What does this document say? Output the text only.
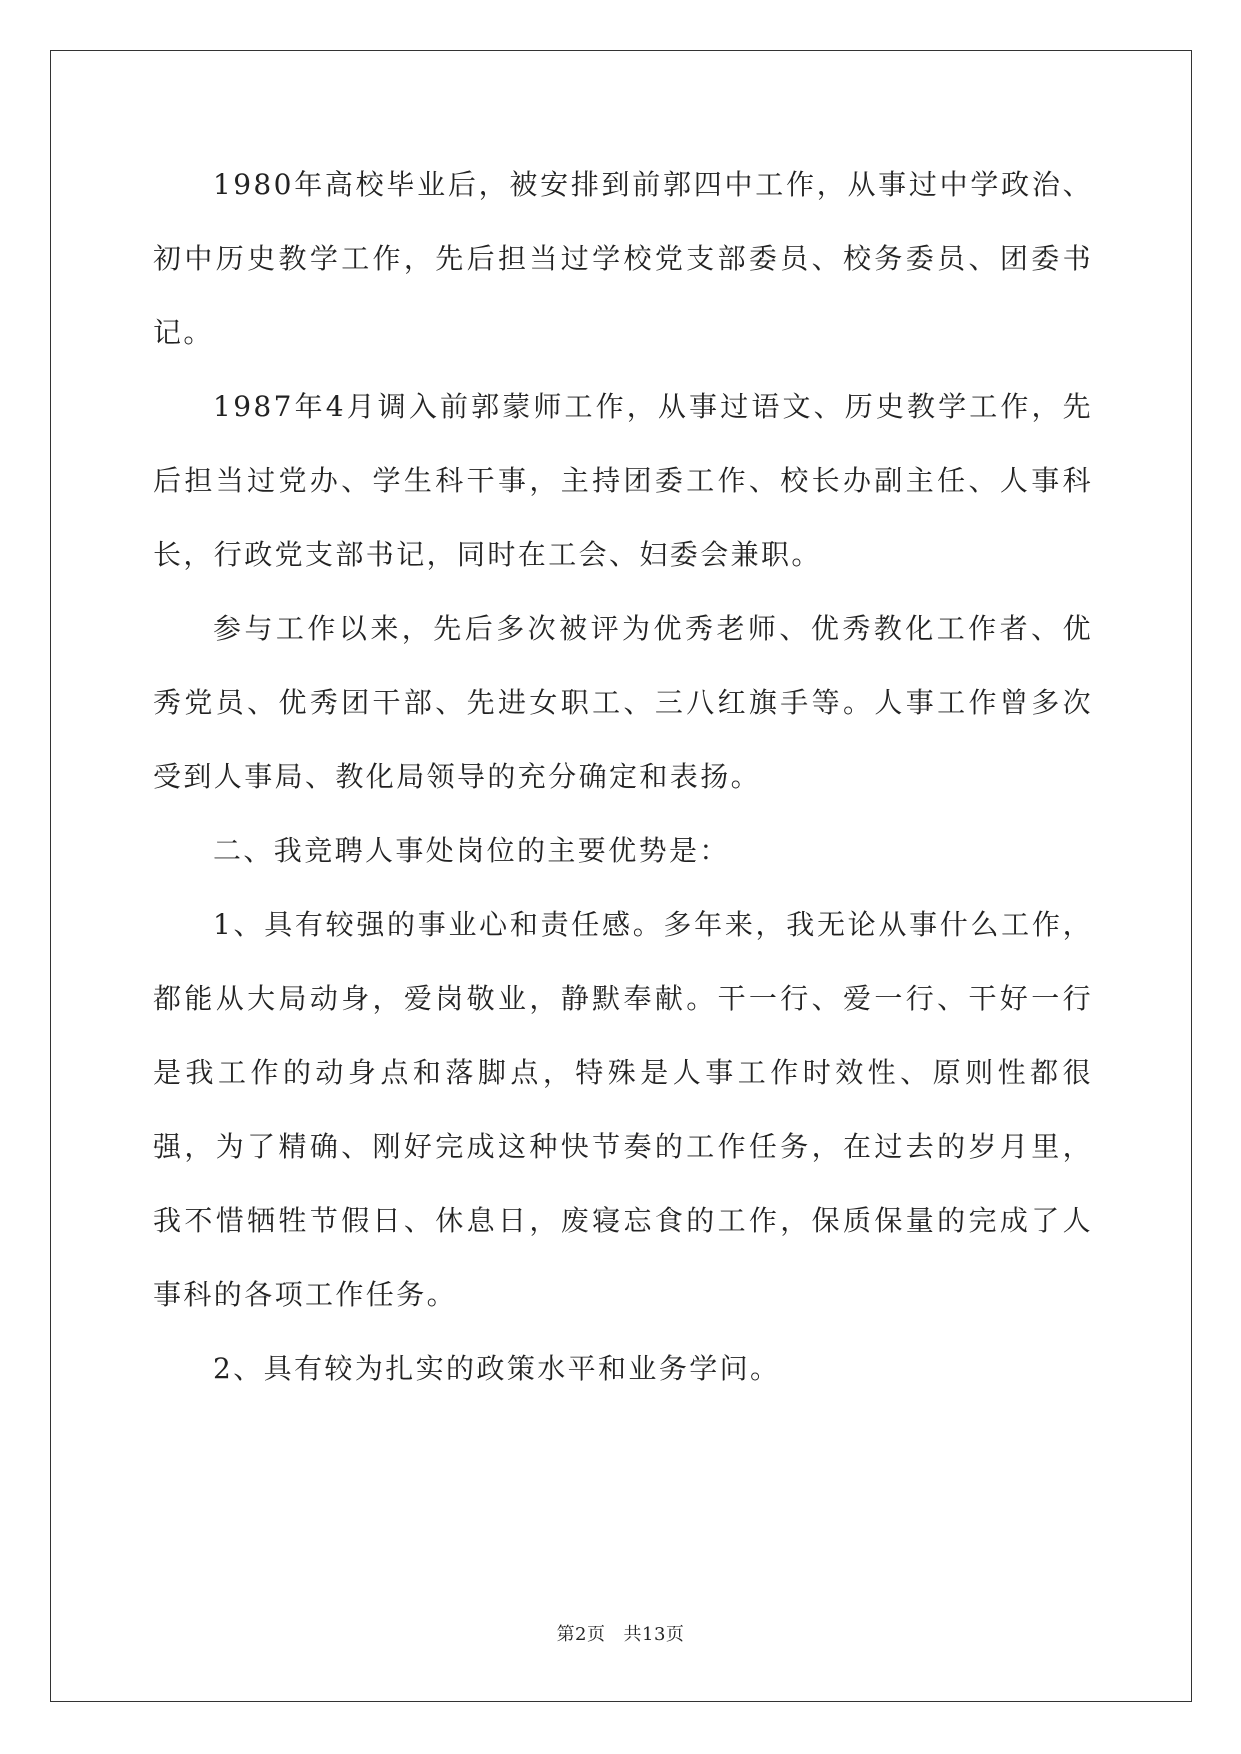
1980年高校毕业后，被安排到前郭四中工作，从事过中学政治、初中历史教学工作，先后担当过学校党支部委员、校务委员、团委书记。

1987年4月调入前郭蒙师工作，从事过语文、历史教学工作，先后担当过党办、学生科干事，主持团委工作、校长办副主任、人事科长，行政党支部书记，同时在工会、妇委会兼职。

参与工作以来，先后多次被评为优秀老师、优秀教化工作者、优秀党员、优秀团干部、先进女职工、三八红旗手等。人事工作曾多次受到人事局、教化局领导的充分确定和表扬。

二、我竞聘人事处岗位的主要优势是：

1、具有较强的事业心和责任感。多年来，我无论从事什么工作，都能从大局动身，爱岗敬业，静默奉献。干一行、爱一行、干好一行是我工作的动身点和落脚点，特殊是人事工作时效性、原则性都很强，为了精确、刚好完成这种快节奏的工作任务，在过去的岁月里，我不惜牺牲节假日、休息日，废寝忘食的工作，保质保量的完成了人事科的各项工作任务。

2、具有较为扎实的政策水平和业务学问。

第2页 共13页
